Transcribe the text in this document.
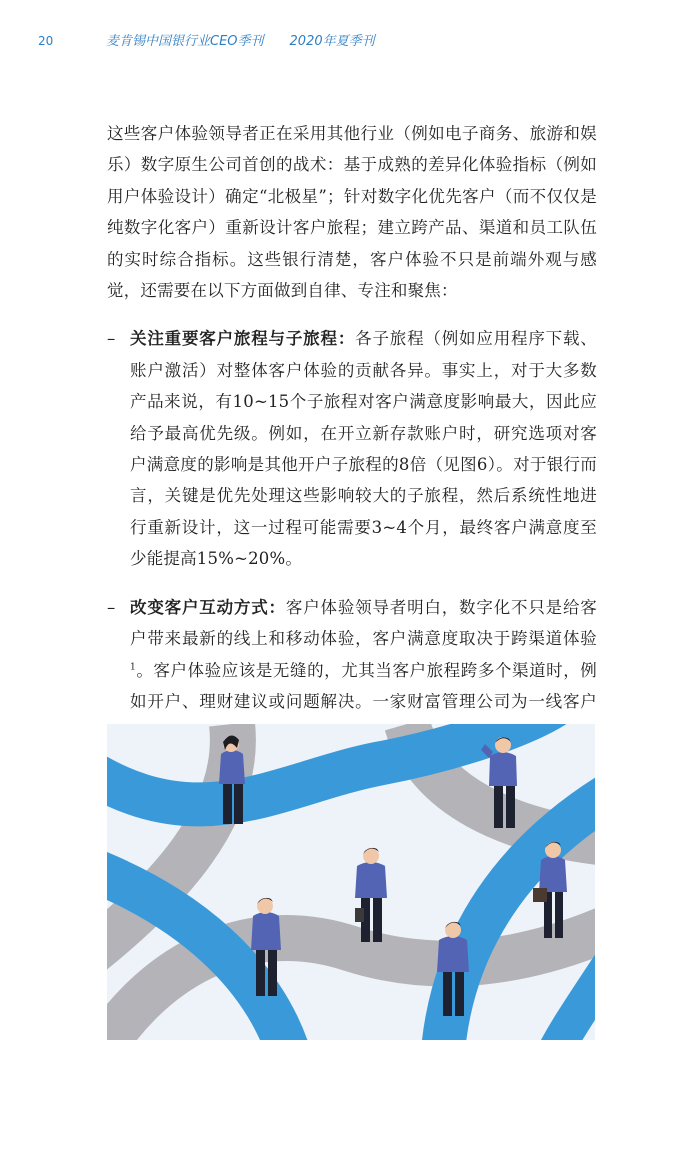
20	麦肯锡中国银行业CEO季刊 2020年夏季刊

这些客户体验领导者正在采用其他行业（例如电子商务、旅游和娱乐）数字原生公司首创的战术：基于成熟的差异化体验指标（例如用户体验设计）确定“北极星”；针对数字化优先客户（而不仅仅是纯数字化客户）重新设计客户旅程；建立跨产品、渠道和员工队伍的实时综合指标。这些银行清楚，客户体验不只是前端外观与感觉，还需要在以下方面做到自律、专注和聚焦：

– 关注重要客户旅程与子旅程：各子旅程（例如应用程序下载、账户激活）对整体客户体验的贡献各异。事实上，对于大多数产品来说，有10~15个子旅程对客户满意度影响最大，因此应给予最高优先级。例如，在开立新存款账户时，研究选项对客户满意度的影响是其他开户子旅程的8倍（见图6）。对于银行而言，关键是优先处理这些影响较大的子旅程，然后系统性地进行重新设计，这一过程可能需要3~4个月，最终客户满意度至少能提高15%~20%。
– 改变客户互动方式：客户体验领导者明白，数字化不只是给客户带来最新的线上和移动体验，客户满意度取决于跨渠道体验$^1$。客户体验应该是无缝的，尤其当客户旅程跨多个渠道时，例如开户、理财建议或问题解决。一家财富管理公司为一线客户
